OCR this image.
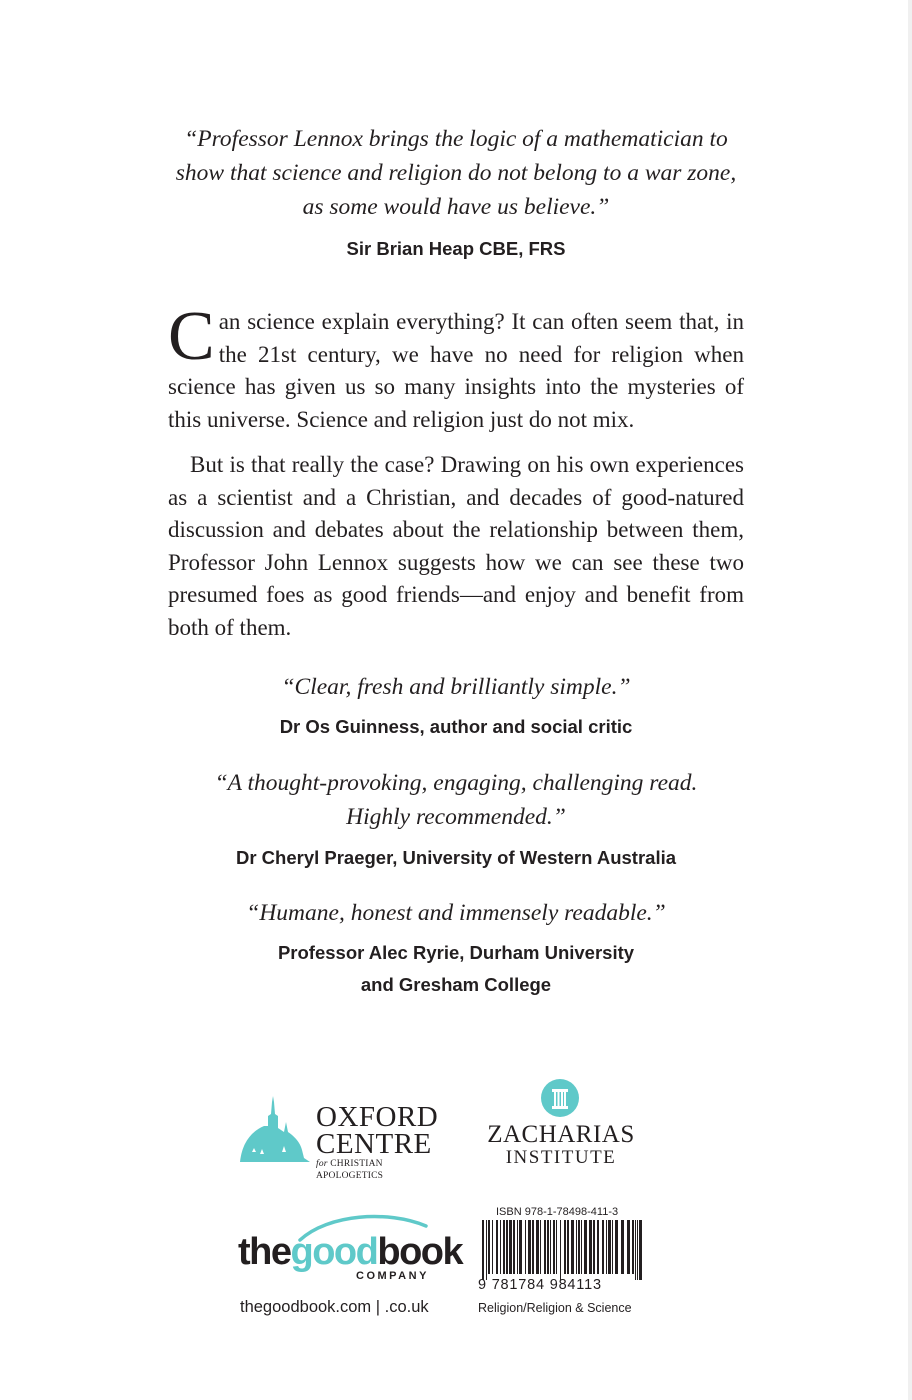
“Professor Lennox brings the logic of a mathematician to
show that science and religion do not belong to a war zone,
as some would have us believe.”
Sir Brian Heap CBE, FRS

Can science explain everything? It can often seem that, in the 21st century, we have no need for religion when science has given us so many insights into the mysteries of this universe. Science and religion just do not mix.

But is that really the case? Drawing on his own experiences as a scientist and a Christian, and decades of good-natured discussion and debates about the relationship between them, Professor John Lennox suggests how we can see these two presumed foes as good friends—and enjoy and benefit from both of them.

“Clear, fresh and brilliantly simple.”
Dr Os Guinness, author and social critic
“A thought-provoking, engaging, challenging read.
Highly recommended.”
Dr Cheryl Praeger, University of Western Australia
“Humane, honest and immensely readable.”
Professor Alec Ryrie, Durham University
and Gresham College
OXFORD
CENTRE
for CHRISTIAN APOLOGETICS
ZACHARIAS
INSTITUTE
thegoodbook
COMPANY
thegoodbook.com | .co.uk
ISBN 978-1-78498-411-3
9 781784 984113
Religion/Religion & Science
